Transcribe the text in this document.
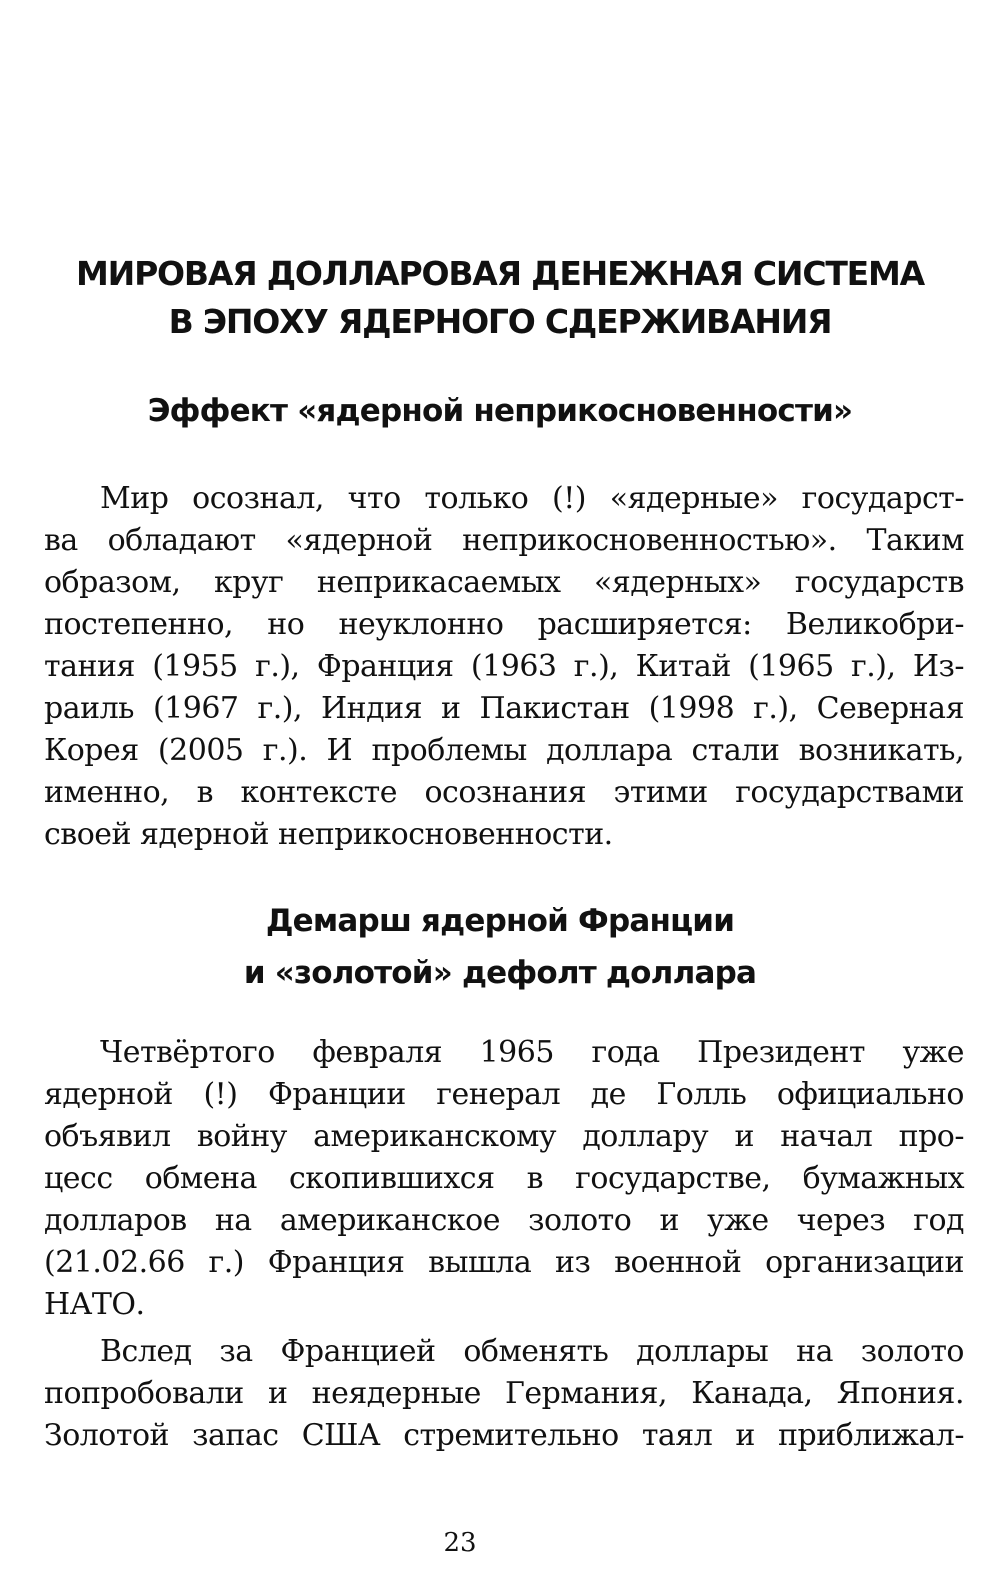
МИРОВАЯ ДОЛЛАРОВАЯ ДЕНЕЖНАЯ СИСТЕМА
В ЭПОХУ ЯДЕРНОГО СДЕРЖИВАНИЯ
Эффект «ядерной неприкосновенности»

Мир осознал, что только (!) «ядерные» государст-
ва обладают «ядерной неприкосновенностью». Таким
образом, круг неприкасаемых «ядерных» государств
постепенно, но неуклонно расширяется: Великобри-
тания (1955 г.), Франция (1963 г.), Китай (1965 г.), Из-
раиль (1967 г.), Индия и Пакистан (1998 г.), Северная
Корея (2005 г.). И проблемы доллара стали возникать,
именно, в контексте осознания этими государствами
своей ядерной неприкосновенности.

Демарш ядерной Франции
и «золотой» дефолт доллара

Четвёртого февраля 1965 года Президент уже
ядерной (!) Франции генерал де Голль официально
объявил войну американскому доллару и начал про-
цесс обмена скопившихся в государстве, бумажных
долларов на американское золото и уже через год
(21.02.66 г.) Франция вышла из военной организации
НАТО.

Вслед за Францией обменять доллары на золото
попробовали и неядерные Германия, Канада, Япония.
Золотой запас США стремительно таял и приближал-

23
